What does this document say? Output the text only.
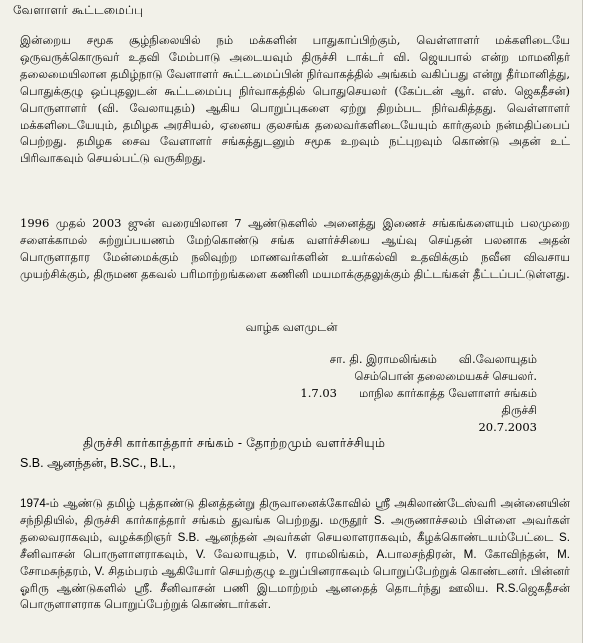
வேளாளர் கூட்டமைப்பு
இன்றைய சமூக சூழ்நிலையில் நம் மக்களின் பாதுகாப்பிற்கும், வெள்ளாளர் மக்களிடையே ஒருவருக்கொருவர் உதவி மேம்பாடு அடையவும் திருச்சி டாக்டர் வி. ஜெயபால் என்ற மாமனிதர் தலைமையிலான தமிழ்நாடு வேளாளர் கூட்டமைப்பின் நிர்வாகத்தில் அங்கம் வகிப்பது என்று தீர்மானித்து, பொதுக்குழு ஒப்புதலுடன் கூட்டமைப்பு நிர்வாகத்தில் பொதுசெயலர் (கேப்டன் ஆர். எஸ். ஜெகதீசன்) பொருளாளர் (வி. வேலாயுதம்) ஆகிய பொறுப்புகளை ஏற்று திறம்பட நிர்வகித்தது. வெள்ளாளர் மக்களிடையேயும், தமிழக அரசியல், ஏனைய குலசங்க தலைவர்களிடையேயும் கார்குலம் நன்மதிப்பைப் பெற்றது. தமிழக சைவ வேளாளர் சங்கத்துடனும் சமூக உறவும் நட்புறவும் கொண்டு அதன் உட் பிரிவாகவும் செயல்பட்டு வருகிறது.
1996 முதல் 2003 ஜுன் வரையிலான 7 ஆண்டுகளில் அனைத்து இணைச் சங்கங்களையும் பலமுறை சளைக்காமல் சுற்றுப்பயணம் மேற்கொண்டு சங்க வளர்ச்சியை ஆய்வு செய்தன் பலனாக அதன் பொருளாதார மேன்மைக்கும் நலிவுற்ற மாணவர்களின் உயர்கல்வி உதவிக்கும் நவீன விவசாய முயற்சிக்கும், திருமண தகவல் பரிமாற்றங்களை கணினி மயமாக்குதலுக்கும் திட்டங்கள் தீட்டப்பட்டுள்ளது.
வாழ்க வளமுடன்
சா. தி. இராமலிங்கம் வி.வேலாயுதம்
செம்பொன் தலைமையகச் செயலர்.
1.7.03 மாநில கார்காத்த வேளாளர் சங்கம்
திருச்சி
20.7.2003
திருச்சி கார்காத்தார் சங்கம் - தோற்றமும் வளர்ச்சியும்
S.B. ஆனந்தன், B.SC., B.L.,
1974-ம் ஆண்டு தமிழ் புத்தாண்டு தினத்தன்று திருவானைக்கோவில் ஸ்ரீ அகிலாண்டேஸ்வரி அன்னையின் சந்நிதியில், திருச்சி கார்காத்தார் சங்கம் துவங்க பெற்றது. மருதூர் S. அருணாச்சலம் பிள்ளை அவர்கள் தலைவராகவும், வழக்கறிஞர் S.B. ஆனந்தன் அவர்கள் செயலாளராகவும், கீழக்கொண்டயம்பேட்டை S. சீனிவாசன் பொருளாளராகவும், V. வேலாயுதம், V. ராமலிங்கம், A.பாலசந்திரன், M. கோவிந்தன், M. சோமசுந்தரம், V. சிதம்பரம் ஆகியோர் செயற்குழு உறுப்பினராகவும் பொறுப்பேற்றுக் கொண்டனர். பின்னர் ஓரிரு ஆண்டுகளில் ஸ்ரீ. சீனிவாசன் பணி இடமாற்றம் ஆனதைத் தொடர்ந்து ஊலிய. R.S.ஜெகதீசன் பொருளாளராக பொறுப்பேற்றுக் கொண்டார்கள்.
